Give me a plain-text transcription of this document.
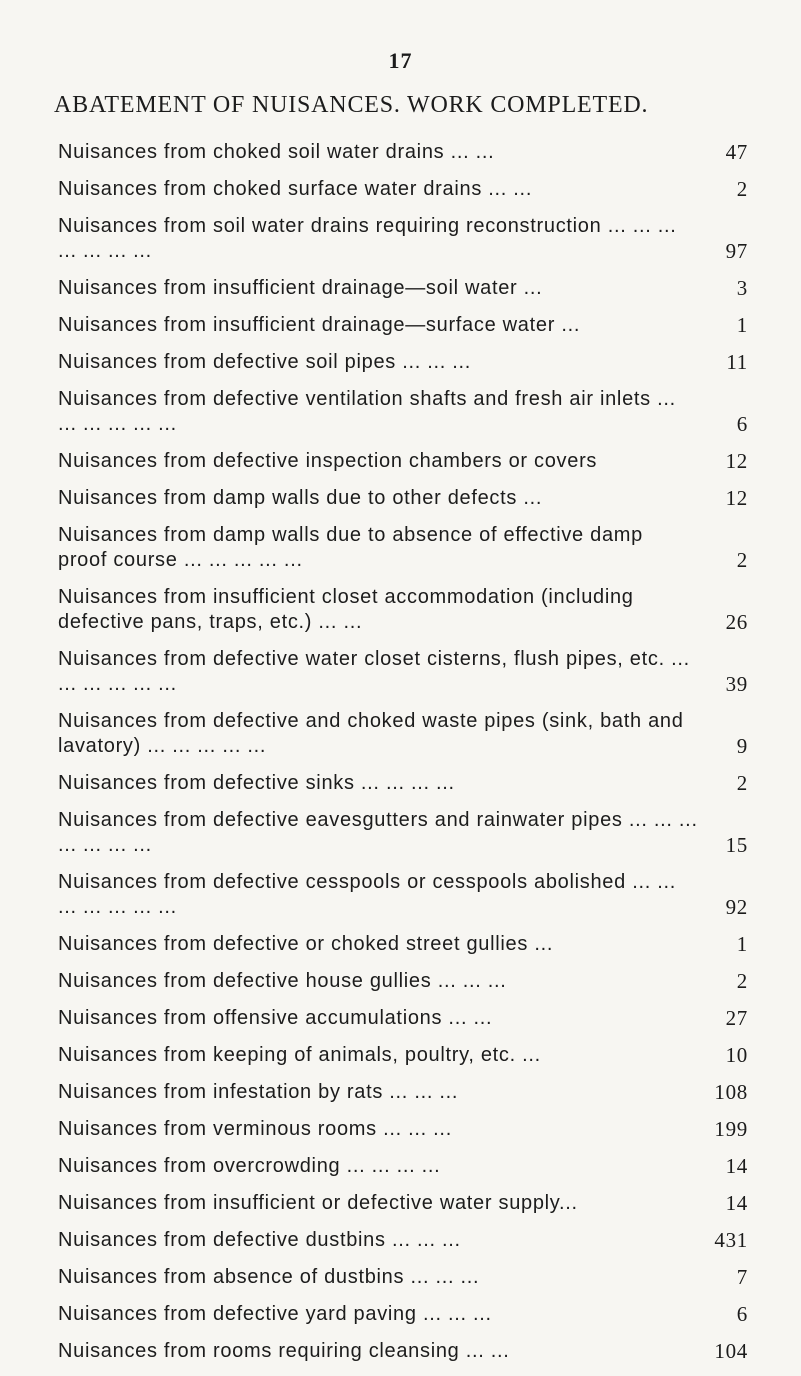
17
ABATEMENT OF NUISANCES. WORK COMPLETED.
Nuisances from choked soil water drains ... ...	47
Nuisances from choked surface water drains ... ...	2
Nuisances from soil water drains requiring reconstruction ... ... ... ... ... ... ...	97
Nuisances from insufficient drainage—soil water ...	3
Nuisances from insufficient drainage—surface water ...	1
Nuisances from defective soil pipes ... ... ...	11
Nuisances from defective ventilation shafts and fresh air inlets ... ... ... ... ... ...	6
Nuisances from defective inspection chambers or covers	12
Nuisances from damp walls due to other defects ...	12
Nuisances from damp walls due to absence of effective damp proof course ... ... ... ... ...	2
Nuisances from insufficient closet accommodation (including defective pans, traps, etc.) ... ...	26
Nuisances from defective water closet cisterns, flush pipes, etc. ... ... ... ... ... ...	39
Nuisances from defective and choked waste pipes (sink, bath and lavatory) ... ... ... ... ...	9
Nuisances from defective sinks ... ... ... ...	2
Nuisances from defective eavesgutters and rainwater pipes ... ... ... ... ... ... ...	15
Nuisances from defective cesspools or cesspools abolished ... ... ... ... ... ... ...	92
Nuisances from defective or choked street gullies ...	1
Nuisances from defective house gullies ... ... ...	2
Nuisances from offensive accumulations ... ...	27
Nuisances from keeping of animals, poultry, etc. ...	10
Nuisances from infestation by rats ... ... ...	108
Nuisances from verminous rooms ... ... ...	199
Nuisances from overcrowding ... ... ... ...	14
Nuisances from insufficient or defective water supply...	14
Nuisances from defective dustbins ... ... ...	431
Nuisances from absence of dustbins ... ... ...	7
Nuisances from defective yard paving ... ... ...	6
Nuisances from rooms requiring cleansing ... ...	104
